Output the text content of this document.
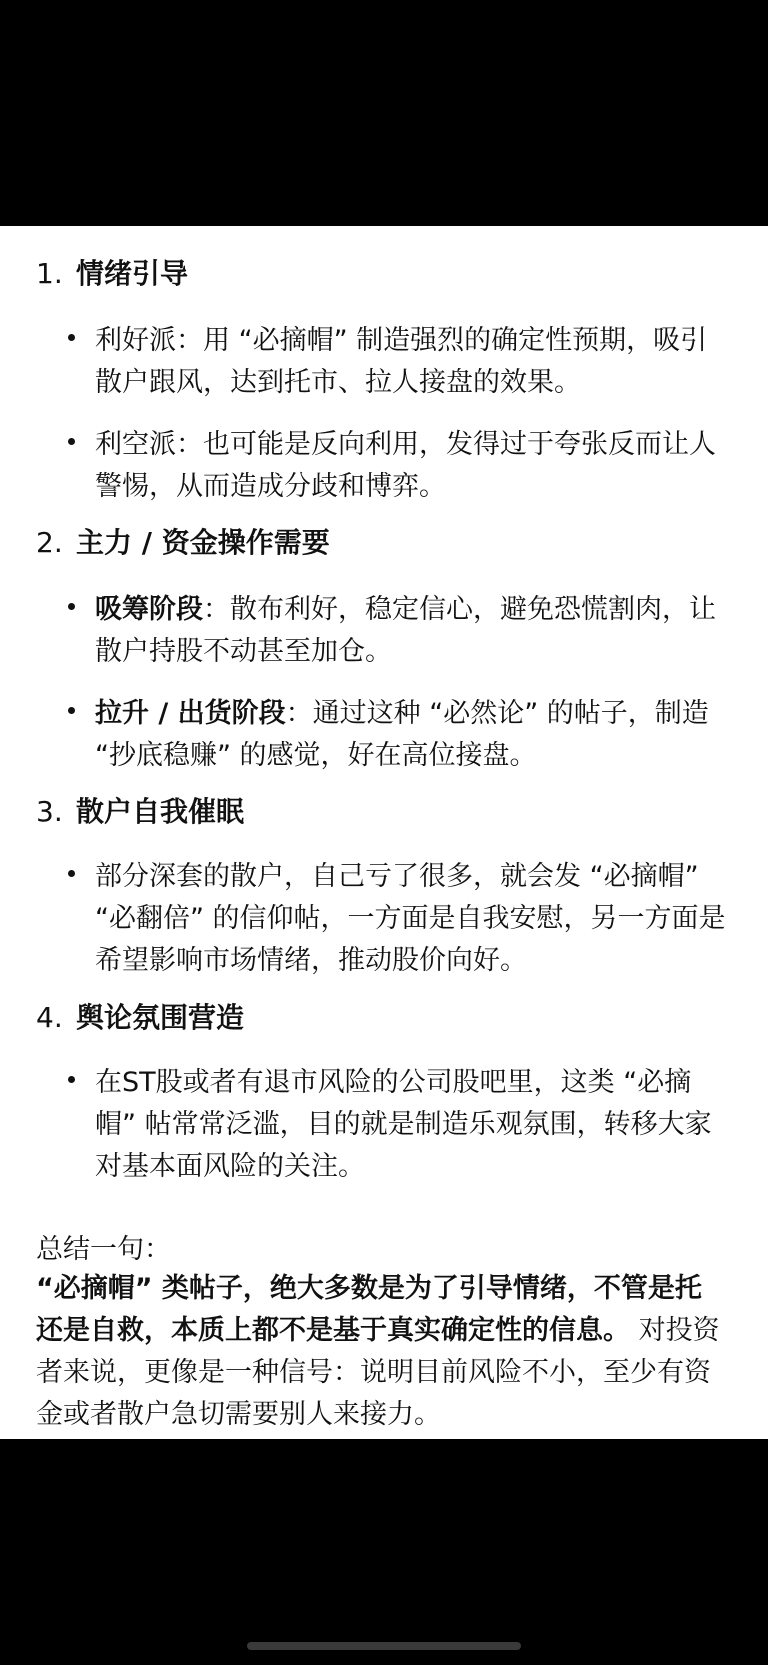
1. 情绪引导
利好派：用 “必摘帽” 制造强烈的确定性预期，吸引散户跟风，达到托市、拉人接盘的效果。
利空派：也可能是反向利用，发得过于夸张反而让人警惕，从而造成分歧和博弈。
2. 主力 / 资金操作需要
吸筹阶段：散布利好，稳定信心，避免恐慌割肉，让散户持股不动甚至加仓。
拉升 / 出货阶段：通过这种 “必然论” 的帖子，制造 “抄底稳赚” 的感觉，好在高位接盘。
3. 散户自我催眠
部分深套的散户，自己亏了很多，就会发 “必摘帽” “必翻倍” 的信仰帖，一方面是自我安慰，另一方面是希望影响市场情绪，推动股价向好。
4. 舆论氛围营造
在ST股或者有退市风险的公司股吧里，这类 “必摘帽” 帖常常泛滥，目的就是制造乐观氛围，转移大家对基本面风险的关注。
总结一句：
“必摘帽” 类帖子，绝大多数是为了引导情绪，不管是托还是自救，本质上都不是基于真实确定性的信息。 对投资者来说，更像是一种信号：说明目前风险不小，至少有资金或者散户急切需要别人来接力。
